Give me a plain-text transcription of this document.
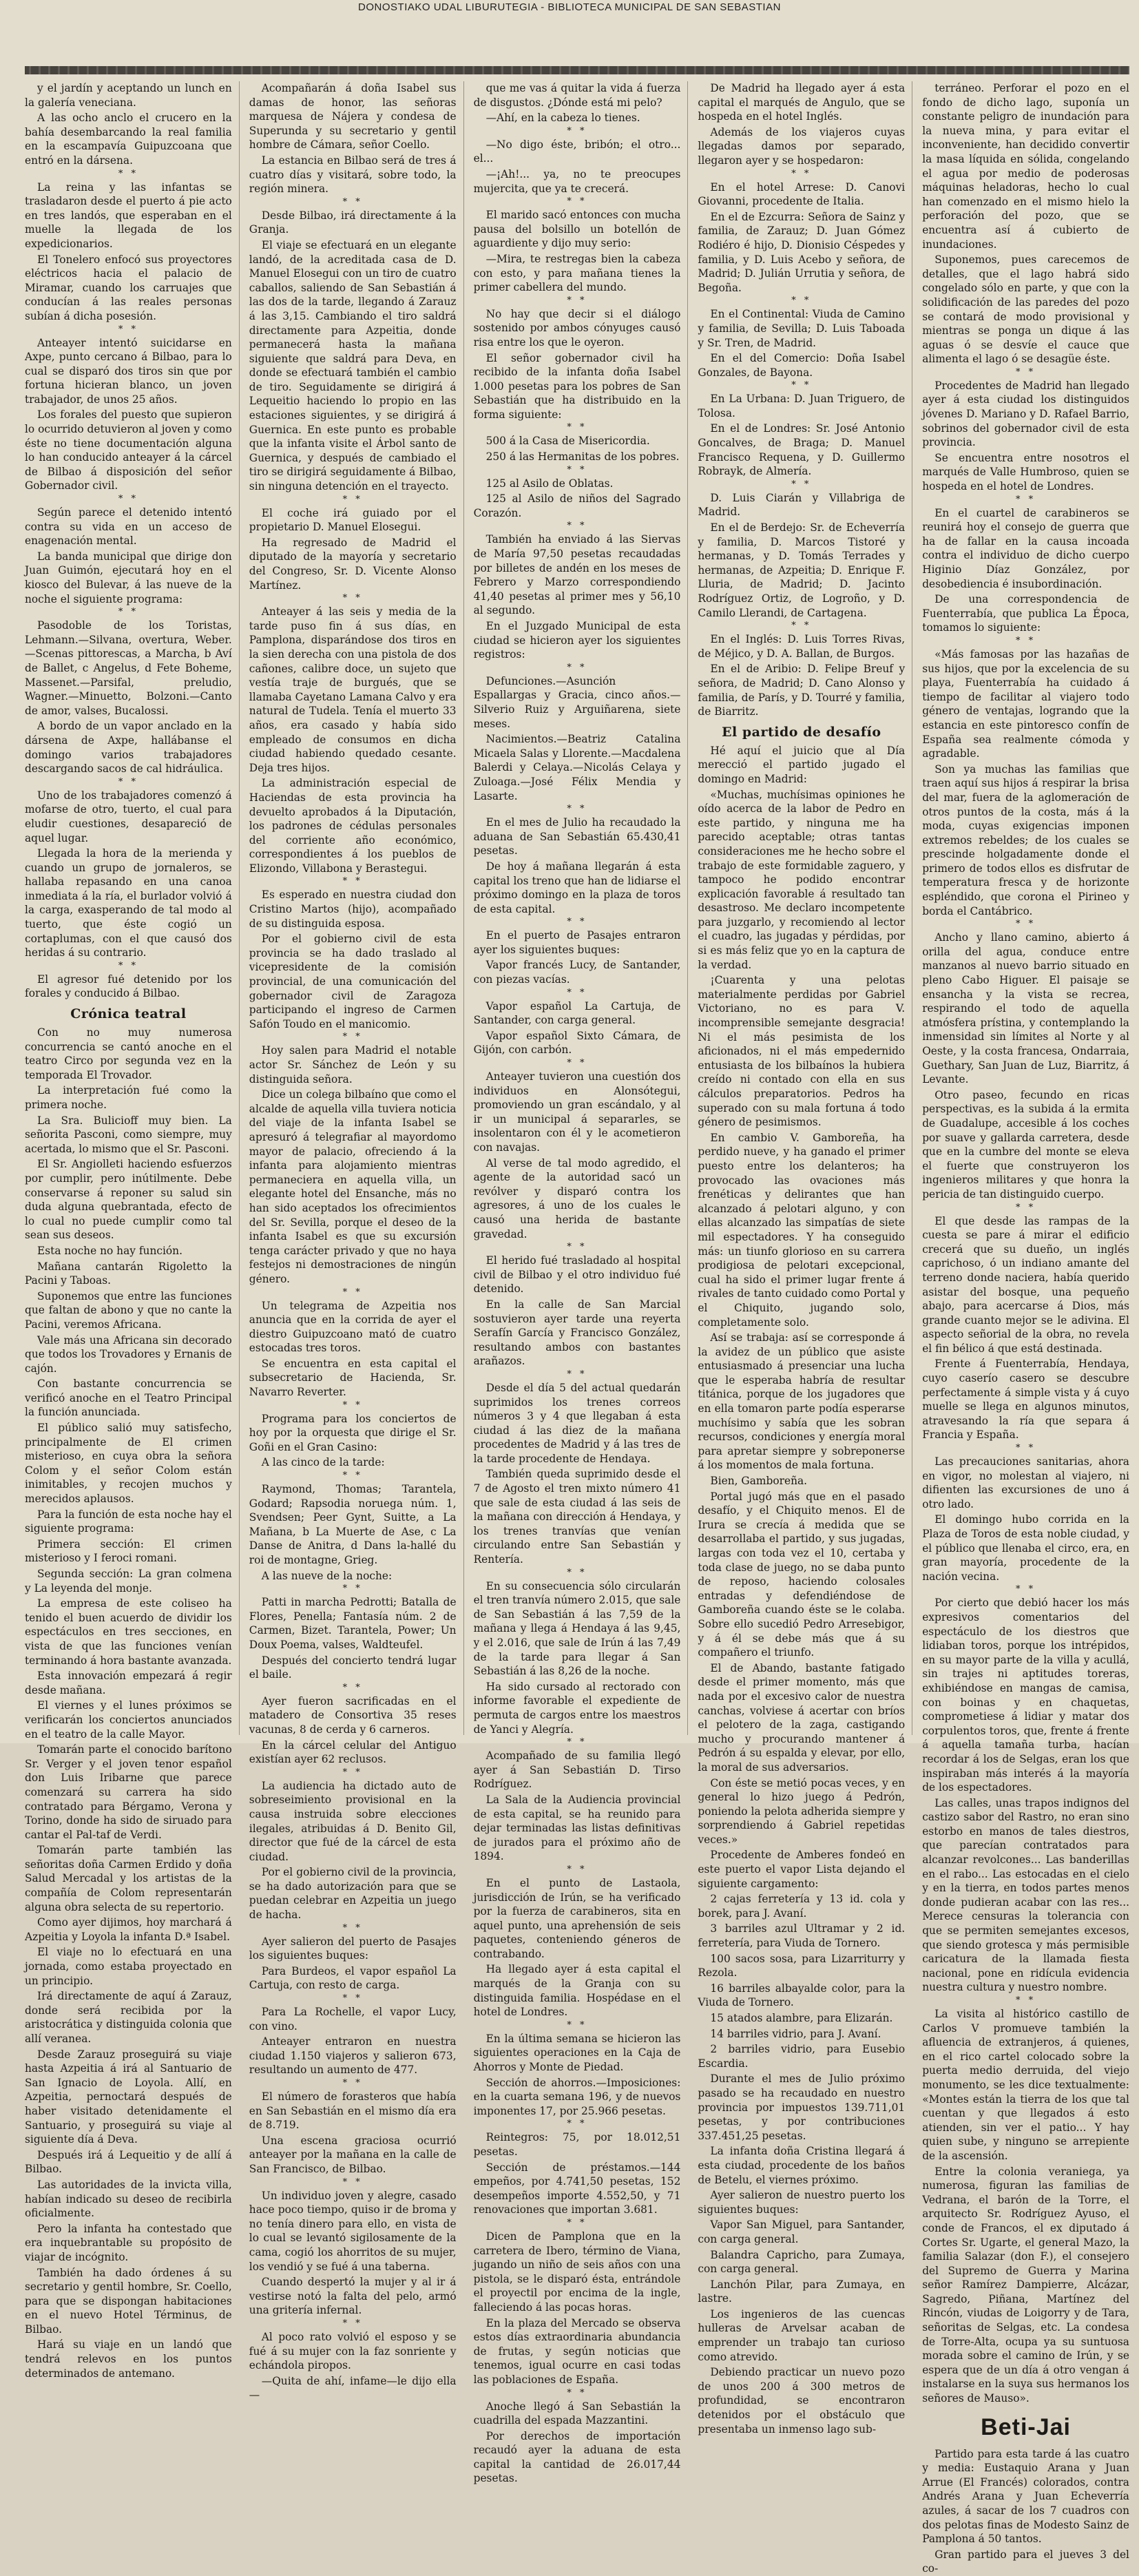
DONOSTIAKO UDAL LIBURUTEGIA - BIBLIOTECA MUNICIPAL DE SAN SEBASTIAN

y el jardín y aceptando un lunch en la galería veneciana.

A las ocho anclo el crucero en la bahía desembarcando la real familia en la escampavía Guipuzcoana que entró en la dársena.

* *

La reina y las infantas se trasladaron desde el puerto á pie acto en tres landós, que esperaban en el muelle la llegada de los expedicionarios.

El Tonelero enfocó sus proyectores eléctricos hacia el palacio de Miramar, cuando los carruajes que conducían á las reales personas subían á dicha posesión.

* *

Anteayer intentó suicidarse en Axpe, punto cercano á Bilbao, para lo cual se disparó dos tiros sin que por fortuna hicieran blanco, un joven trabajador, de unos 25 años.

Los forales del puesto que supieron lo ocurrido detuvieron al joven y como éste no tiene documentación alguna lo han conducido anteayer á la cárcel de Bilbao á disposición del señor Gobernador civil.

* *

Según parece el detenido intentó contra su vida en un acceso de enagenación mental.

La banda municipal que dirige don Juan Guimón, ejecutará hoy en el kiosco del Bulevar, á las nueve de la noche el siguiente programa:

* *

Pasodoble de los Toristas, Lehmann.—Silvana, overtura, Weber.—Scenas pittorescas, a Marcha, b Aví de Ballet, c Angelus, d Fete Boheme, Massenet.—Parsifal, preludio, Wagner.—Minuetto, Bolzoni.—Canto de amor, valses, Bucalossi.

A bordo de un vapor anclado en la dársena de Axpe, hallábanse el domingo varios trabajadores descargando sacos de cal hidráulica.

* *

Uno de los trabajadores comenzó á mofarse de otro, tuerto, el cual para eludir cuestiones, desapareció de aquel lugar.

Llegada la hora de la merienda y cuando un grupo de jornaleros, se hallaba repasando en una canoa inmediata á la ría, el burlador volvió á la carga, exasperando de tal modo al tuerto, que éste cogió un cortaplumas, con el que causó dos heridas á su contrario.

* *

El agresor fué detenido por los forales y conducido á Bilbao.

Crónica teatral

Con no muy numerosa concurrencia se cantó anoche en el teatro Circo por segunda vez en la temporada El Trovador.

La interpretación fué como la primera noche.

La Sra. Bulicioff muy bien. La señorita Pasconi, como siempre, muy acertada, lo mismo que el Sr. Pasconi.

El Sr. Angiolleti haciendo esfuerzos por cumplir, pero inútilmente. Debe conservarse á reponer su salud sin duda alguna quebrantada, efecto de lo cual no puede cumplir como tal sean sus deseos.

Esta noche no hay función.

Mañana cantarán Rigoletto la Pacini y Taboas.

Suponemos que entre las funciones que faltan de abono y que no cante la Pacini, veremos Africana.

Vale más una Africana sin decorado que todos los Trovadores y Ernanis de cajón.

Con bastante concurrencia se verificó anoche en el Teatro Principal la función anunciada.

El público salió muy satisfecho, principalmente de El crimen misterioso, en cuya obra la señora Colom y el señor Colom están inimitables, y recojen muchos y merecidos aplausos.

Para la función de esta noche hay el siguiente programa:

Primera sección: El crimen misterioso y I feroci romani.

Segunda sección: La gran colmena y La leyenda del monje.

La empresa de este coliseo ha tenido el buen acuerdo de dividir los espectáculos en tres secciones, en vista de que las funciones venían terminando á hora bastante avanzada.

Esta innovación empezará á regir desde mañana.

El viernes y el lunes próximos se verificarán los conciertos anunciados en el teatro de la calle Mayor.

Tomarán parte el conocido barítono Sr. Verger y el joven tenor español don Luis Iribarne que parece comenzará su carrera ha sido contratado para Bérgamo, Verona y Torino, donde ha sido de siruado para cantar el Pal-taf de Verdi.

Tomarán parte también las señoritas doña Carmen Erdido y doña Salud Mercadal y los artistas de la compañía de Colom representarán alguna obra selecta de su repertorio.

Como ayer dijimos, hoy marchará á Azpeitia y Loyola la infanta D.ª Isabel.

El viaje no lo efectuará en una jornada, como estaba proyectado en un principio.

Irá directamente de aquí á Zarauz, donde será recibida por la aristocrática y distinguida colonia que allí veranea.

Desde Zarauz proseguirá su viaje hasta Azpeitia á irá al Santuario de San Ignacio de Loyola. Allí, en Azpeitia, pernoctará después de haber visitado detenidamente el Santuario, y proseguirá su viaje al siguiente día á Deva.

Después irá á Lequeitio y de allí á Bilbao.

Las autoridades de la invicta villa, habían indicado su deseo de recibirla oficialmente.

Pero la infanta ha contestado que era inquebrantable su propósito de viajar de incógnito.

También ha dado órdenes á su secretario y gentil hombre, Sr. Coello, para que se dispongan habitaciones en el nuevo Hotel Términus, de Bilbao.

Hará su viaje en un landó que tendrá relevos en los puntos determinados de antemano.

Acompañarán á doña Isabel sus damas de honor, las señoras marquesa de Nájera y condesa de Superunda y su secretario y gentil hombre de Cámara, señor Coello.

La estancia en Bilbao será de tres á cuatro días y visitará, sobre todo, la región minera.

* *

Desde Bilbao, irá directamente á la Granja.

El viaje se efectuará en un elegante landó, de la acreditada casa de D. Manuel Elosegui con un tiro de cuatro caballos, saliendo de San Sebastián á las dos de la tarde, llegando á Zarauz á las 3,15. Cambiando el tiro saldrá directamente para Azpeitia, donde permanecerá hasta la mañana siguiente que saldrá para Deva, en donde se efectuará también el cambio de tiro. Seguidamente se dirigirá á Lequeitio haciendo lo propio en las estaciones siguientes, y se dirigirá á Guernica. En este punto es probable que la infanta visite el Árbol santo de Guernica, y después de cambiado el tiro se dirigirá seguidamente á Bilbao, sin ninguna detención en el trayecto.

* *

El coche irá guiado por el propietario D. Manuel Elosegui.

Ha regresado de Madrid el diputado de la mayoría y secretario del Congreso, Sr. D. Vicente Alonso Martínez.

* *

Anteayer á las seis y media de la tarde puso fin á sus días, en Pamplona, disparándose dos tiros en la sien derecha con una pistola de dos cañones, calibre doce, un sujeto que vestía traje de burgués, que se llamaba Cayetano Lamana Calvo y era natural de Tudela. Tenía el muerto 33 años, era casado y había sido empleado de consumos en dicha ciudad habiendo quedado cesante. Deja tres hijos.

La administración especial de Haciendas de esta provincia ha devuelto aprobados á la Diputación, los padrones de cédulas personales del corriente año económico, correspondientes á los pueblos de Elizondo, Villabona y Berastegui.

* *

Es esperado en nuestra ciudad don Cristino Martos (hijo), acompañado de su distinguida esposa.

Por el gobierno civil de esta provincia se ha dado traslado al vicepresidente de la comisión provincial, de una comunicación del gobernador civil de Zaragoza participando el ingreso de Carmen Safón Toudo en el manicomio.

* *

Hoy salen para Madrid el notable actor Sr. Sánchez de León y su distinguida señora.

Dice un colega bilbaíno que como el alcalde de aquella villa tuviera noticia del viaje de la infanta Isabel se apresuró á telegrafiar al mayordomo mayor de palacio, ofreciendo á la infanta para alojamiento mientras permaneciera en aquella villa, un elegante hotel del Ensanche, más no han sido aceptados los ofrecimientos del Sr. Sevilla, porque el deseo de la infanta Isabel es que su excursión tenga carácter privado y que no haya festejos ni demostraciones de ningún género.

* *

Un telegrama de Azpeitia nos anuncia que en la corrida de ayer el diestro Guipuzcoano mató de cuatro estocadas tres toros.

Se encuentra en esta capital el subsecretario de Hacienda, Sr. Navarro Reverter.

* *

Programa para los conciertos de hoy por la orquesta que dirige el Sr. Goñi en el Gran Casino:

A las cinco de la tarde:

* *

Raymond, Thomas; Tarantela, Godard; Rapsodia noruega núm. 1, Svendsen; Peer Gynt, Suitte, a La Mañana, b La Muerte de Ase, c La Danse de Anitra, d Dans la-hallé du roi de montagne, Grieg.

A las nueve de la noche:

* *

Patti in marcha Pedrotti; Batalla de Flores, Penella; Fantasía núm. 2 de Carmen, Bizet. Tarantela, Power; Un Doux Poema, valses, Waldteufel.

Después del concierto tendrá lugar el baile.

* *

Ayer fueron sacrificadas en el matadero de Consortiva 35 reses vacunas, 8 de cerda y 6 carneros.

En la cárcel celular del Antiguo existían ayer 62 reclusos.

* *

La audiencia ha dictado auto de sobreseimiento provisional en la causa instruida sobre elecciones ilegales, atribuidas á D. Benito Gil, director que fué de la cárcel de esta ciudad.

Por el gobierno civil de la provincia, se ha dado autorización para que se puedan celebrar en Azpeitia un juego de hacha.

* *

Ayer salieron del puerto de Pasajes los siguientes buques:

Para Burdeos, el vapor español La Cartuja, con resto de carga.

* *

Para La Rochelle, el vapor Lucy, con vino.

Anteayer entraron en nuestra ciudad 1.150 viajeros y salieron 673, resultando un aumento de 477.

* *

El número de forasteros que había en San Sebastián en el mismo día era de 8.719.

Una escena graciosa ocurrió anteayer por la mañana en la calle de San Francisco, de Bilbao.

* *

Un individuo joven y alegre, casado hace poco tiempo, quiso ir de broma y no tenía dinero para ello, en vista de lo cual se levantó sigilosamente de la cama, cogió los ahorritos de su mujer, los vendió y se fué á una taberna.

Cuando despertó la mujer y al ir á vestirse notó la falta del pelo, armó una gritería infernal.

* *

Al poco rato volvió el esposo y se fué á su mujer con la faz sonriente y echándola piropos.

—Quita de ahí, infame—le dijo ella—

que me vas á quitar la vida á fuerza de disgustos. ¿Dónde está mi pelo?

—Ahí, en la cabeza lo tienes.

* *

—No digo éste, bribón; el otro... el...

—¡Ah!... ya, no te preocupes mujercita, que ya te crecerá.

* *

El marido sacó entonces con mucha pausa del bolsillo un botellón de aguardiente y dijo muy serio:

—Mira, te restregas bien la cabeza con esto, y para mañana tienes la primer cabellera del mundo.

* *

No hay que decir si el diálogo sostenido por ambos cónyuges causó risa entre los que le oyeron.

El señor gobernador civil ha recibido de la infanta doña Isabel 1.000 pesetas para los pobres de San Sebastián que ha distribuido en la forma siguiente:

* *

500 á la Casa de Misericordia.

250 á las Hermanitas de los pobres.

* *

125 al Asilo de Oblatas.

125 al Asilo de niños del Sagrado Corazón.

* *

También ha enviado á las Siervas de María 97,50 pesetas recaudadas por billetes de andén en los meses de Febrero y Marzo correspondiendo 41,40 pesetas al primer mes y 56,10 al segundo.

En el Juzgado Municipal de esta ciudad se hicieron ayer los siguientes registros:

* *

Defunciones.—Asunción Espallargas y Gracia, cinco años.—Silverio Ruiz y Arguiñarena, siete meses.

Nacimientos.—Beatriz Catalina Micaela Salas y Llorente.—Macdalena Balerdi y Celaya.—Nicolás Celaya y Zuloaga.—José Félix Mendia y Lasarte.

* *

En el mes de Julio ha recaudado la aduana de San Sebastián 65.430,41 pesetas.

De hoy á mañana llegarán á esta capital los treno que han de lidiarse el próximo domingo en la plaza de toros de esta capital.

* *

En el puerto de Pasajes entraron ayer los siguientes buques:

Vapor francés Lucy, de Santander, con piezas vacías.

* *

Vapor español La Cartuja, de Santander, con carga general.

Vapor español Sixto Cámara, de Gijón, con carbón.

* *

Anteayer tuvieron una cuestión dos individuos en Alonsótegui, promoviendo un gran escándalo, y al ir un municipal á separarles, se insolentaron con él y le acometieron con navajas.

Al verse de tal modo agredido, el agente de la autoridad sacó un revólver y disparó contra los agresores, á uno de los cuales le causó una herida de bastante gravedad.

* *

El herido fué trasladado al hospital civil de Bilbao y el otro individuo fué detenido.

En la calle de San Marcial sostuvieron ayer tarde una reyerta Serafín García y Francisco González, resultando ambos con bastantes arañazos.

* *

Desde el día 5 del actual quedarán suprimidos los trenes correos números 3 y 4 que llegaban á esta ciudad á las diez de la mañana procedentes de Madrid y á las tres de la tarde procedente de Hendaya.

También queda suprimido desde el 7 de Agosto el tren mixto número 41 que sale de esta ciudad á las seis de la mañana con dirección á Hendaya, y los trenes tranvías que venían circulando entre San Sebastián y Rentería.

* *

En su consecuencia sólo circularán el tren tranvía número 2.015, que sale de San Sebastián á las 7,59 de la mañana y llega á Hendaya á las 9,45, y el 2.016, que sale de Irún á las 7,49 de la tarde para llegar á San Sebastián á las 8,26 de la noche.

Ha sido cursado al rectorado con informe favorable el expediente de permuta de cargos entre los maestros de Yanci y Alegría.

* *

Acompañado de su familia llegó ayer á San Sebastián D. Tirso Rodríguez.

La Sala de la Audiencia provincial de esta capital, se ha reunido para dejar terminadas las listas definitivas de jurados para el próximo año de 1894.

* *

En el punto de Lastaola, jurisdicción de Irún, se ha verificado por la fuerza de carabineros, sita en aquel punto, una aprehensión de seis paquetes, conteniendo géneros de contrabando.

Ha llegado ayer á esta capital el marqués de la Granja con su distinguida familia. Hospédase en el hotel de Londres.

* *

En la última semana se hicieron las siguientes operaciones en la Caja de Ahorros y Monte de Piedad.

Sección de ahorros.—Imposiciones: en la cuarta semana 196, y de nuevos imponentes 17, por 25.966 pesetas.

* *

Reintegros: 75, por 18.012,51 pesetas.

Sección de préstamos.—144 empeños, por 4.741,50 pesetas, 152 desempeños importe 4.552,50, y 71 renovaciones que importan 3.681.

* *

Dicen de Pamplona que en la carretera de Ibero, término de Viana, jugando un niño de seis años con una pistola, se le disparó ésta, entrándole el proyectil por encima de la ingle, falleciendo á las pocas horas.

En la plaza del Mercado se observa estos días extraordinaria abundancia de frutas, y según noticias que tenemos, igual ocurre en casi todas las poblaciones de España.

* *

Anoche llegó á San Sebastián la cuadrilla del espada Mazzantini.

Por derechos de importación recaudó ayer la aduana de esta capital la cantidad de 26.017,44 pesetas.

De Madrid ha llegado ayer á esta capital el marqués de Angulo, que se hospeda en el hotel Inglés.

Además de los viajeros cuyas llegadas damos por separado, llegaron ayer y se hospedaron:

* *

En el hotel Arrese: D. Canovi Giovanni, procedente de Italia.

En el de Ezcurra: Señora de Sainz y familia, de Zarauz; D. Juan Gómez Rodiéro é hijo, D. Dionisio Céspedes y familia, y D. Luis Acebo y señora, de Madrid; D. Julián Urrutia y señora, de Begoña.

* *

En el Continental: Viuda de Camino y familia, de Sevilla; D. Luis Taboada y Sr. Tren, de Madrid.

En el del Comercio: Doña Isabel Gonzales, de Bayona.

* *

En La Urbana: D. Juan Triguero, de Tolosa.

En el de Londres: Sr. José Antonio Goncalves, de Braga; D. Manuel Francisco Requena, y D. Guillermo Robrayk, de Almería.

* *

D. Luis Ciarán y Villabriga de Madrid.

En el de Berdejo: Sr. de Echeverría y familia, D. Marcos Tistoré y hermanas, y D. Tomás Terrades y hermanas, de Azpeitia; D. Enrique F. Lluria, de Madrid; D. Jacinto Rodríguez Ortiz, de Logroño, y D. Camilo Llerandi, de Cartagena.

* *

En el Inglés: D. Luis Torres Rivas, de Méjico, y D. A. Ballan, de Burgos.

En el de Aribio: D. Felipe Breuf y señora, de Madrid; D. Cano Alonso y familia, de París, y D. Tourré y familia, de Biarritz.

El partido de desafío

Hé aquí el juicio que al Día merecció el partido jugado el domingo en Madrid:

«Muchas, muchísimas opiniones he oído acerca de la labor de Pedro en este partido, y ninguna me ha parecido aceptable; otras tantas consideraciones me he hecho sobre el trabajo de este formidable zaguero, y tampoco he podido encontrar explicación favorable á resultado tan desastroso. Me declaro incompetente para juzgarlo, y recomiendo al lector el cuadro, las jugadas y pérdidas, por si es más feliz que yo en la captura de la verdad.

¡Cuarenta y una pelotas materialmente perdidas por Gabriel Victoriano, no es para V. incomprensible semejante desgracia! Ni el más pesimista de los aficionados, ni el más empedernido entusiasta de los bilbaínos la hubiera creído ni contado con ella en sus cálculos preparatorios. Pedros ha superado con su mala fortuna á todo género de pesimismos.

En cambio V. Gamboreña, ha perdido nueve, y ha ganado el primer puesto entre los delanteros; ha provocado las ovaciones más frenéticas y delirantes que han alcanzado á pelotari alguno, y con ellas alcanzado las simpatías de siete mil espectadores. Y ha conseguido más: un tiunfo glorioso en su carrera prodigiosa de pelotari excepcional, cual ha sido el primer lugar frente á rivales de tanto cuidado como Portal y el Chiquito, jugando solo, completamente solo.

Así se trabaja: así se corresponde á la avidez de un público que asiste entusiasmado á presenciar una lucha que le esperaba habría de resultar titánica, porque de los jugadores que en ella tomaron parte podía esperarse muchísimo y sabía que les sobran recursos, condiciones y energía moral para apretar siempre y sobreponerse á los momentos de mala fortuna.

Bien, Gamboreña.

Portal jugó más que en el pasado desafío, y el Chiquito menos. El de Irura se crecía á medida que se desarrollaba el partido, y sus jugadas, largas con toda vez el 10, certaba y toda clase de juego, no se daba punto de reposo, haciendo colosales entradas y defendiéndose de Gamboreña cuando éste se le colaba. Sobre ello sucedió Pedro Arresebigor, y á él se debe más que á su compañero el triunfo.

El de Abando, bastante fatigado desde el primer momento, más que nada por el excesivo calor de nuestra canchas, volviese á acertar con bríos el pelotero de la zaga, castigando mucho y procurando mantener á Pedrón á su espalda y elevar, por ello, la moral de sus adversarios.

Con éste se metió pocas veces, y en general lo hizo juego á Pedrón, poniendo la pelota adherida siempre y sorprendiendo á Gabriel repetidas veces.»

Procedente de Amberes fondeó en este puerto el vapor Lista dejando el siguiente cargamento:

2 cajas ferretería y 13 id. cola y borek, para J. Avaní.

3 barriles azul Ultramar y 2 id. ferretería, para Viuda de Tornero.

100 sacos sosa, para Lizarriturry y Rezola.

16 barriles albayalde color, para la Viuda de Tornero.

15 atados alambre, para Elizarán.

14 barriles vidrio, para J. Avaní.

2 barriles vidrio, para Eusebio Escardia.

Durante el mes de Julio próximo pasado se ha recaudado en nuestro provincia por impuestos 139.711,01 pesetas, y por contribuciones 337.451,25 pesetas.

La infanta doña Cristina llegará á esta ciudad, procedente de los baños de Betelu, el viernes próximo.

Ayer salieron de nuestro puerto los siguientes buques:

Vapor San Miguel, para Santander, con carga general.

Balandra Capricho, para Zumaya, con carga general.

Lanchón Pilar, para Zumaya, en lastre.

Los ingenieros de las cuencas hulleras de Arvelsar acaban de emprender un trabajo tan curioso como atrevido.

Debiendo practicar un nuevo pozo de unos 200 á 300 metros de profundidad, se encontraron detenidos por el obstáculo que presentaba un inmenso lago sub-

terráneo. Perforar el pozo en el fondo de dicho lago, suponía un constante peligro de inundación para la nueva mina, y para evitar el inconveniente, han decidido convertir la masa líquida en sólida, congelando el agua por medio de poderosas máquinas heladoras, hecho lo cual han comenzado en el mismo hielo la perforación del pozo, que se encuentra así á cubierto de inundaciones.

Suponemos, pues carecemos de detalles, que el lago habrá sido congelado sólo en parte, y que con la solidificación de las paredes del pozo se contará de modo provisional y mientras se ponga un dique á las aguas ó se desvíe el cauce que alimenta el lago ó se desagüe éste.

* *

Procedentes de Madrid han llegado ayer á esta ciudad los distinguidos jóvenes D. Mariano y D. Rafael Barrio, sobrinos del gobernador civil de esta provincia.

Se encuentra entre nosotros el marqués de Valle Humbroso, quien se hospeda en el hotel de Londres.

* *

En el cuartel de carabineros se reunirá hoy el consejo de guerra que ha de fallar en la causa incoada contra el individuo de dicho cuerpo Higinio Díaz González, por desobediencia é insubordinación.

De una correspondencia de Fuenterrabía, que publica La Época, tomamos lo siguiente:

* *

«Más famosas por las hazañas de sus hijos, que por la excelencia de su playa, Fuenterrabía ha cuidado á tiempo de facilitar al viajero todo género de ventajas, logrando que la estancia en este pintoresco confín de España sea realmente cómoda y agradable.

Son ya muchas las familias que traen aquí sus hijos á respirar la brisa del mar, fuera de la aglomeración de otros puntos de la costa, más á la moda, cuyas exigencias imponen extremos rebeldes; de los cuales se prescinde holgadamente donde el primero de todos ellos es disfrutar de temperatura fresca y de horizonte espléndido, que corona el Pirineo y borda el Cantábrico.

* *

Ancho y llano camino, abierto á orilla del agua, conduce entre manzanos al nuevo barrio situado en pleno Cabo Higuer. El paisaje se ensancha y la vista se recrea, respirando el todo de aquella atmósfera prístina, y contemplando la inmensidad sin límites al Norte y al Oeste, y la costa francesa, Ondarraia, Guethary, San Juan de Luz, Biarritz, á Levante.

Otro paseo, fecundo en ricas perspectivas, es la subida á la ermita de Guadalupe, accesible á los coches por suave y gallarda carretera, desde que en la cumbre del monte se eleva el fuerte que construyeron los ingenieros militares y que honra la pericia de tan distinguido cuerpo.

* *

El que desde las rampas de la cuesta se pare á mirar el edificio crecerá que su dueño, un inglés caprichoso, ó un indiano amante del terreno donde naciera, había querido asistar del bosque, una pequeño abajo, para acercarse á Dios, más grande cuanto mejor se le adivina. El aspecto señorial de la obra, no revela el fin bélico á que está destinada.

Frente á Fuenterrabía, Hendaya, cuyo caserío casero se descubre perfectamente á simple vista y á cuyo muelle se llega en algunos minutos, atravesando la ría que separa á Francia y España.

* *

Las precauciones sanitarias, ahora en vigor, no molestan al viajero, ni difienten las excursiones de uno á otro lado.

El domingo hubo corrida en la Plaza de Toros de esta noble ciudad, y el público que llenaba el circo, era, en gran mayoría, procedente de la nación vecina.

* *

Por cierto que debió hacer los más expresivos comentarios del espectáculo de los diestros que lidiaban toros, porque los intrépidos, en su mayor parte de la villa y acullá, sin trajes ni aptitudes toreras, exhibiéndose en mangas de camisa, con boinas y en chaquetas, comprometiese á lidiar y matar dos corpulentos toros, que, frente á frente á aquella tamaña turba, hacían recordar á los de Selgas, eran los que inspiraban más interés á la mayoría de los espectadores.

Las calles, unas trapos indignos del castizo sabor del Rastro, no eran sino estorbo en manos de tales diestros, que parecían contratados para alcanzar revolcones... Las banderillas en el rabo... Las estocadas en el cielo y en la tierra, en todos partes menos donde pudieran acabar con las res... Merece censuras la tolerancia con que se permiten semejantes excesos, que siendo grotesca y más permisible caricatura de la llamada fiesta nacional, pone en ridícula evidencia nuestra cultura y nuestro nombre.

* *

La visita al histórico castillo de Carlos V promueve también la afluencia de extranjeros, á quienes, en el rico cartel colocado sobre la puerta medio derruida, del viejo monumento, se les dice textualmente: «Montes están la tierra de los que tal cuentan y que llegados á esto atienden, sin ver el patio... Y hay quien sube, y ninguno se arrepiente de la ascensión.

Entre la colonia veraniega, ya numerosa, figuran las familias de Vedrana, el barón de la Torre, el arquitecto Sr. Rodríguez Ayuso, el conde de Francos, el ex diputado á Cortes Sr. Ugarte, el general Mazo, la familia Salazar (don F.), el consejero del Supremo de Guerra y Marina señor Ramírez Dampierre, Alcázar, Sagredo, Piñana, Martínez del Rincón, viudas de Loigorry y de Tara, señoritas de Selgas, etc. La condesa de Torre-Alta, ocupa ya su suntuosa morada sobre el camino de Irún, y se espera que de un día á otro vengan á instalarse en la suya sus hermanos los señores de Mauso».

Beti-Jai

Partido para esta tarde á las cuatro y media: Eustaquio Arana y Juan Arrue (El Francés) colorados, contra Andrés Arana y Juan Echeverría azules, á sacar de los 7 cuadros con dos pelotas finas de Modesto Sainz de Pamplona á 50 tantos.

Gran partido para el jueves 3 del co-
